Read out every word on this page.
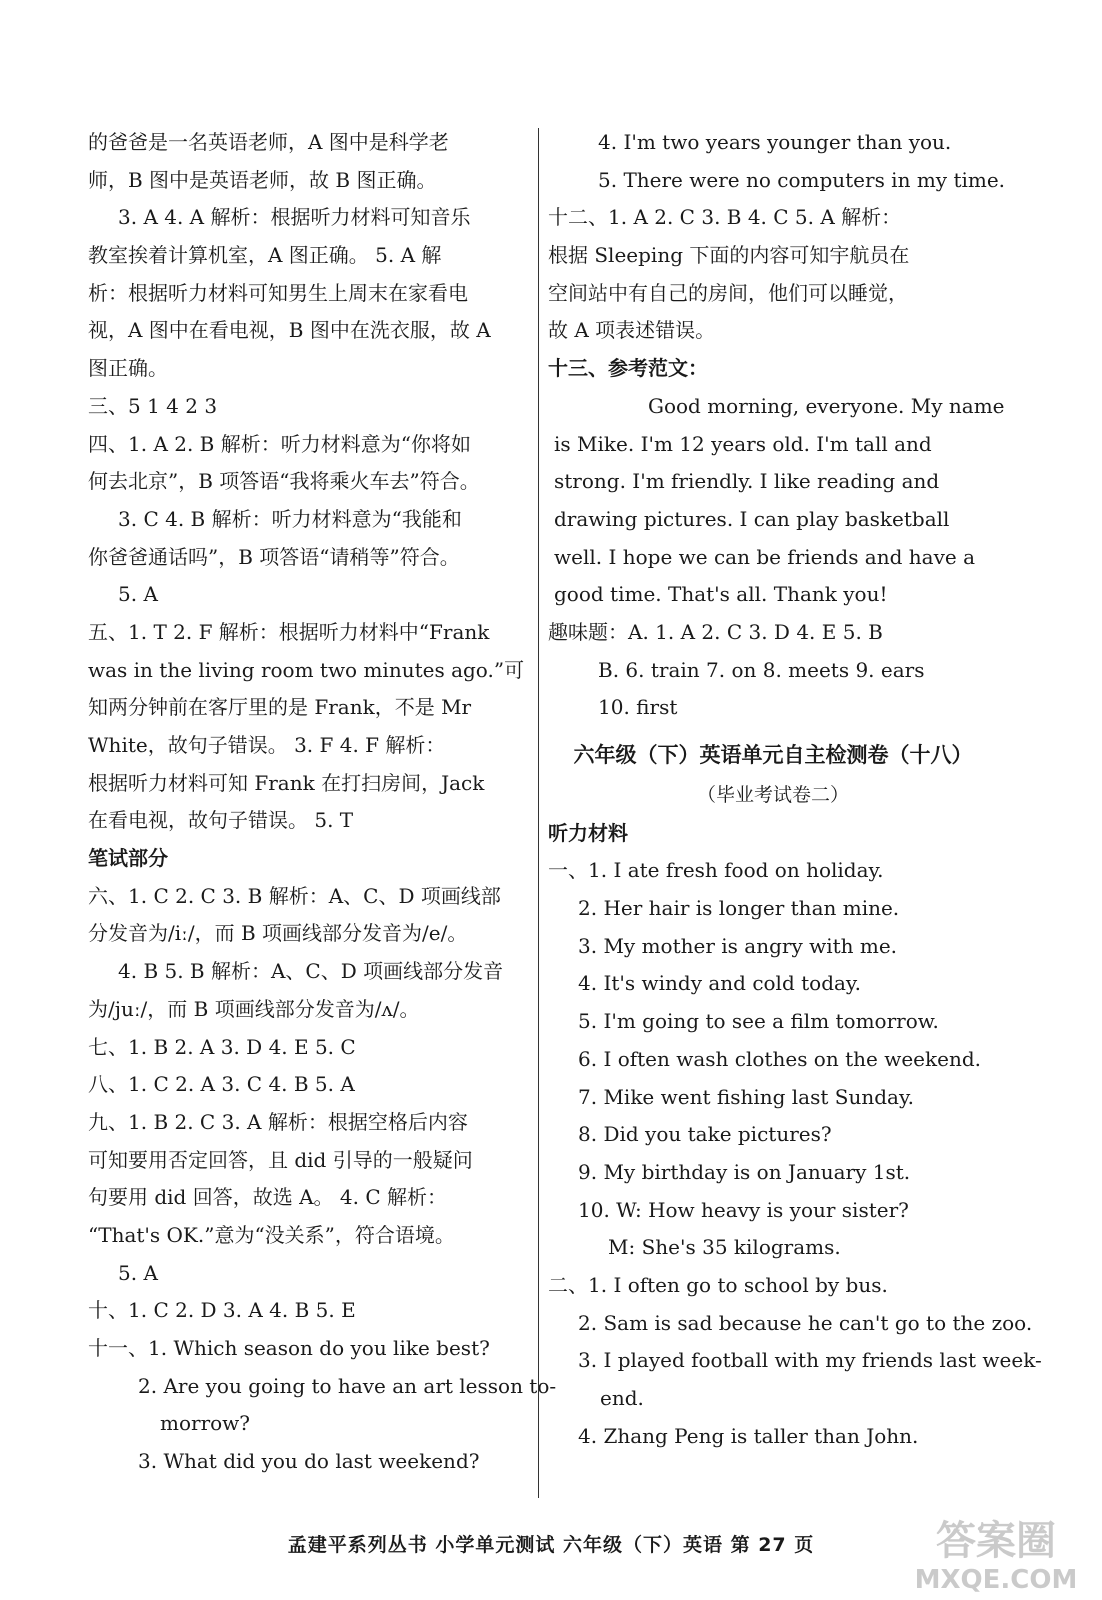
的爸爸是一名英语老师，A 图中是科学老
师，B 图中是英语老师，故 B 图正确。
3. A 4. A 解析：根据听力材料可知音乐
教室挨着计算机室，A 图正确。 5. A 解
析：根据听力材料可知男生上周末在家看电
视，A 图中在看电视，B 图中在洗衣服，故 A
图正确。
三、5 1 4 2 3
四、1. A 2. B 解析：听力材料意为“你将如
何去北京”，B 项答语“我将乘火车去”符合。
3. C 4. B 解析：听力材料意为“我能和
你爸爸通话吗”，B 项答语“请稍等”符合。
5. A
五、1. T 2. F 解析：根据听力材料中“Frank
was in the living room two minutes ago.”可
知两分钟前在客厅里的是 Frank，不是 Mr
White，故句子错误。 3. F 4. F 解析：
根据听力材料可知 Frank 在打扫房间，Jack
在看电视，故句子错误。 5. T
笔试部分
六、1. C 2. C 3. B 解析：A、C、D 项画线部
分发音为/iː/，而 B 项画线部分发音为/e/。
4. B 5. B 解析：A、C、D 项画线部分发音
为/juː/，而 B 项画线部分发音为/ʌ/。
七、1. B 2. A 3. D 4. E 5. C
八、1. C 2. A 3. C 4. B 5. A
九、1. B 2. C 3. A 解析：根据空格后内容
可知要用否定回答，且 did 引导的一般疑问
句要用 did 回答，故选 A。 4. C 解析：
“That's OK.”意为“没关系”，符合语境。
5. A
十、1. C 2. D 3. A 4. B 5. E
十一、1. Which season do you like best?
2. Are you going to have an art lesson to-
morrow?
3. What did you do last weekend?
4. I'm two years younger than you.
5. There were no computers in my time.
十二、1. A 2. C 3. B 4. C 5. A 解析：
根据 Sleeping 下面的内容可知宇航员在
空间站中有自己的房间，他们可以睡觉，
故 A 项表述错误。
十三、参考范文：
Good morning, everyone. My name
is Mike. I'm 12 years old. I'm tall and
strong. I'm friendly. I like reading and
drawing pictures. I can play basketball
well. I hope we can be friends and have a
good time. That's all. Thank you!
趣味题：A. 1. A 2. C 3. D 4. E 5. B
B. 6. train 7. on 8. meets 9. ears
10. first
六年级（下）英语单元自主检测卷（十八）
（毕业考试卷二）
听力材料
一、1. I ate fresh food on holiday.
2. Her hair is longer than mine.
3. My mother is angry with me.
4. It's windy and cold today.
5. I'm going to see a film tomorrow.
6. I often wash clothes on the weekend.
7. Mike went fishing last Sunday.
8. Did you take pictures?
9. My birthday is on January 1st.
10. W: How heavy is your sister?
M: She's 35 kilograms.
二、1. I often go to school by bus.
2. Sam is sad because he can't go to the zoo.
3. I played football with my friends last week-
end.
4. Zhang Peng is taller than John.
孟建平系列丛书 小学单元测试 六年级（下）英语 第 27 页	答案圈
MXQE.COM
